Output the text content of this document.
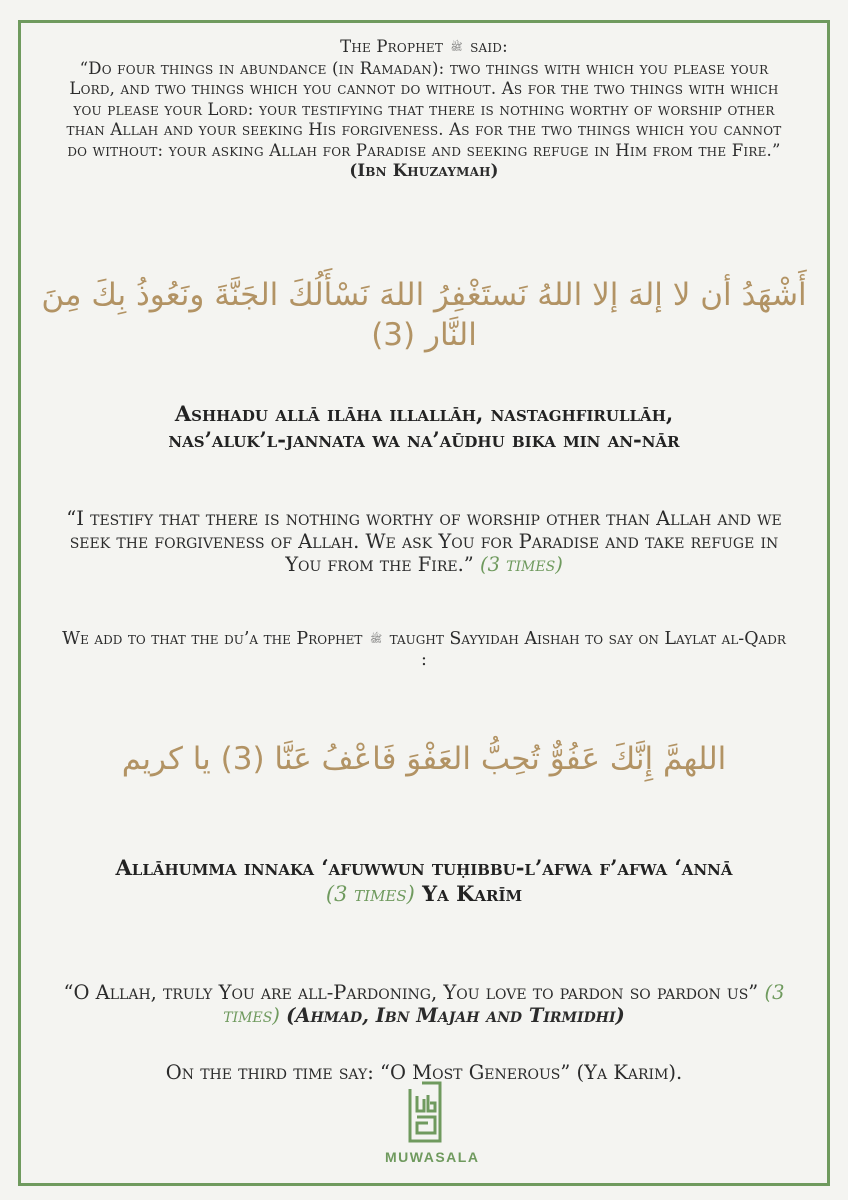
The Prophet ﷺ said:
“Do four things in abundance (in Ramadan): two things with which you please your Lord, and two things which you cannot do without. As for the two things with which you please your Lord: your testifying that there is nothing worthy of worship other than Allah and your seeking His forgiveness. As for the two things which you cannot do without: your asking Allah for Paradise and seeking refuge in Him from the Fire.”
(Ibn Khuzaymah)
أَشْهَدُ أن لا إلهَ إلا اللهُ نَستَغْفِرُ اللهَ نَسْأَلُكَ الجَنَّةَ ونَعُوذُ بِكَ مِنَ النَّار (3)
Ashhadu allā ilāha illallāh, nastaghfirullāh,
nas’aluk’l-jannata wa na’aūdhu bika min an-nār
“I testify that there is nothing worthy of worship other than Allah and we seek the forgiveness of Allah. We ask You for Paradise and take refuge in You from the Fire.” (3 times)
We add to that the du’a the Prophet ﷺ taught Sayyidah Aishah to say on Laylat al-Qadr :
اللهمَّ إِنَّكَ عَفُوٌّ تُحِبُّ العَفْوَ فَاعْفُ عَنَّا (3) يا كريم
Allāhumma innaka ‘afuwwun tuḥibbu-l’afwa f’afwa ‘annā
(3 times) Ya Karīm
“O Allah, truly You are all-Pardoning, You love to pardon so pardon us” (3 times) (Ahmad, Ibn Majah and Tirmidhi)
On the third time say: “O Most Generous” (Ya Karim).
MUWASALA
